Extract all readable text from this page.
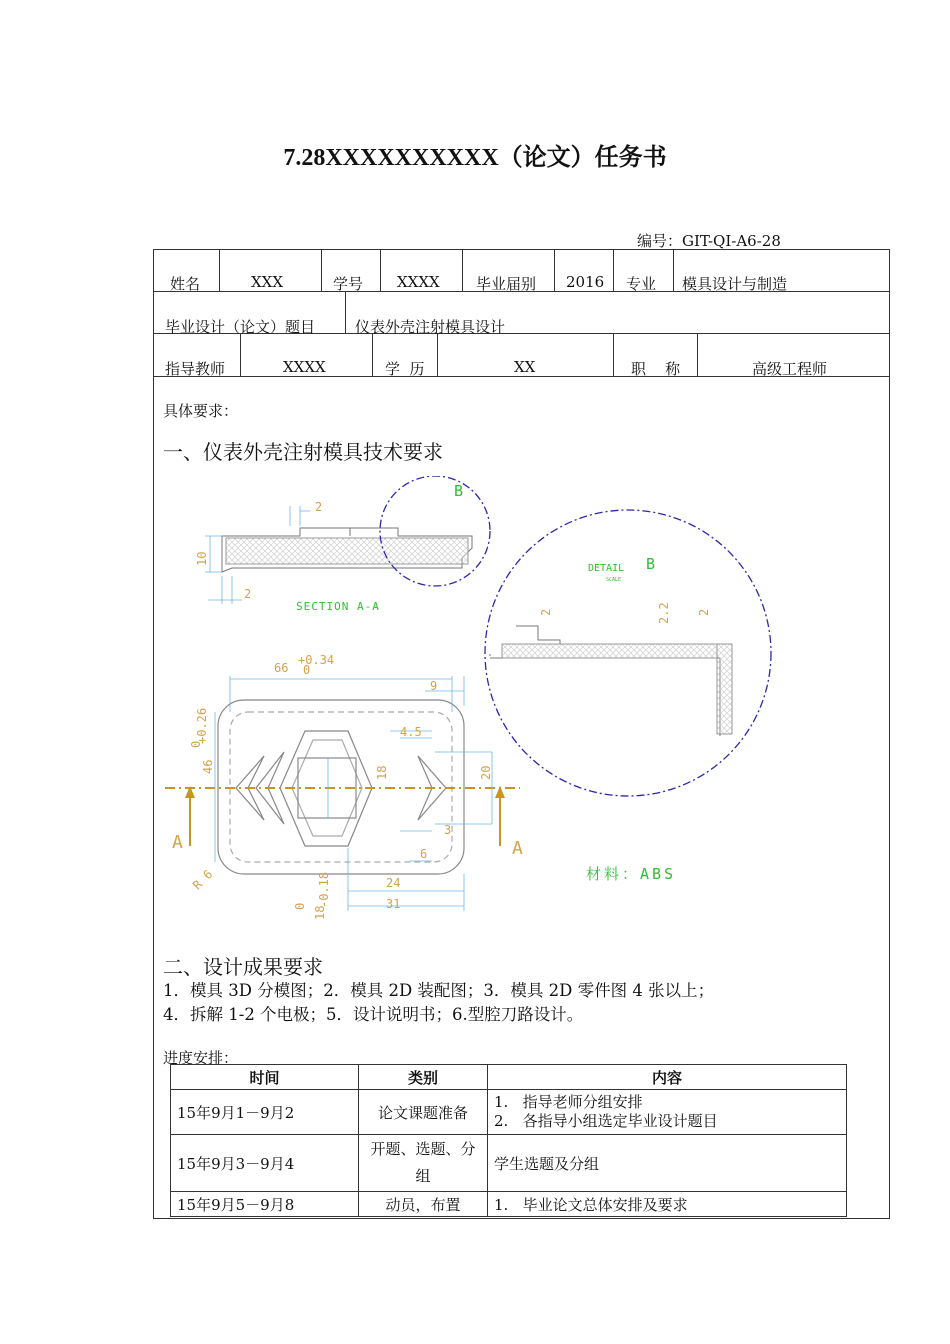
7.28XXXXXXXXXX（论文）任务书
编号：GIT-QI-A6-28
姓名	XXX	学号 XXXX 毕业届别 2016 专业 模具设计与制造
毕业设计（论文）题目	仪表外壳注射模具设计
指导教师	XXXX	学  历	XX	职    称	高级工程师
具体要求：
一、仪表外壳注射模具技术要求
2
10
2
SECTION A-A
B
DETAIL B
SCALE
2	2.2 2
A	A
66
+0.34
0
9
46
+0.26
0
4.5
18	20
3
6
24
31
R 6
18
-0.18
0
材料：ABS
二、设计成果要求
1．模具 3D 分模图；2．模具 2D 装配图；3．模具 2D 零件图 4 张以上；
4．拆解 1-2 个电极；5．设计说明书；6.型腔刀路设计。
进度安排：
时间	类别	内容
15年9月1－9月2	论文课题准备	1.   指导老师分组安排
2.   各指导小组选定毕业设计题目

15年9月3－9月4	开题、选题、分组	学生选题及分组
15年9月5－9月8	动员，布置	1.   毕业论文总体安排及要求
